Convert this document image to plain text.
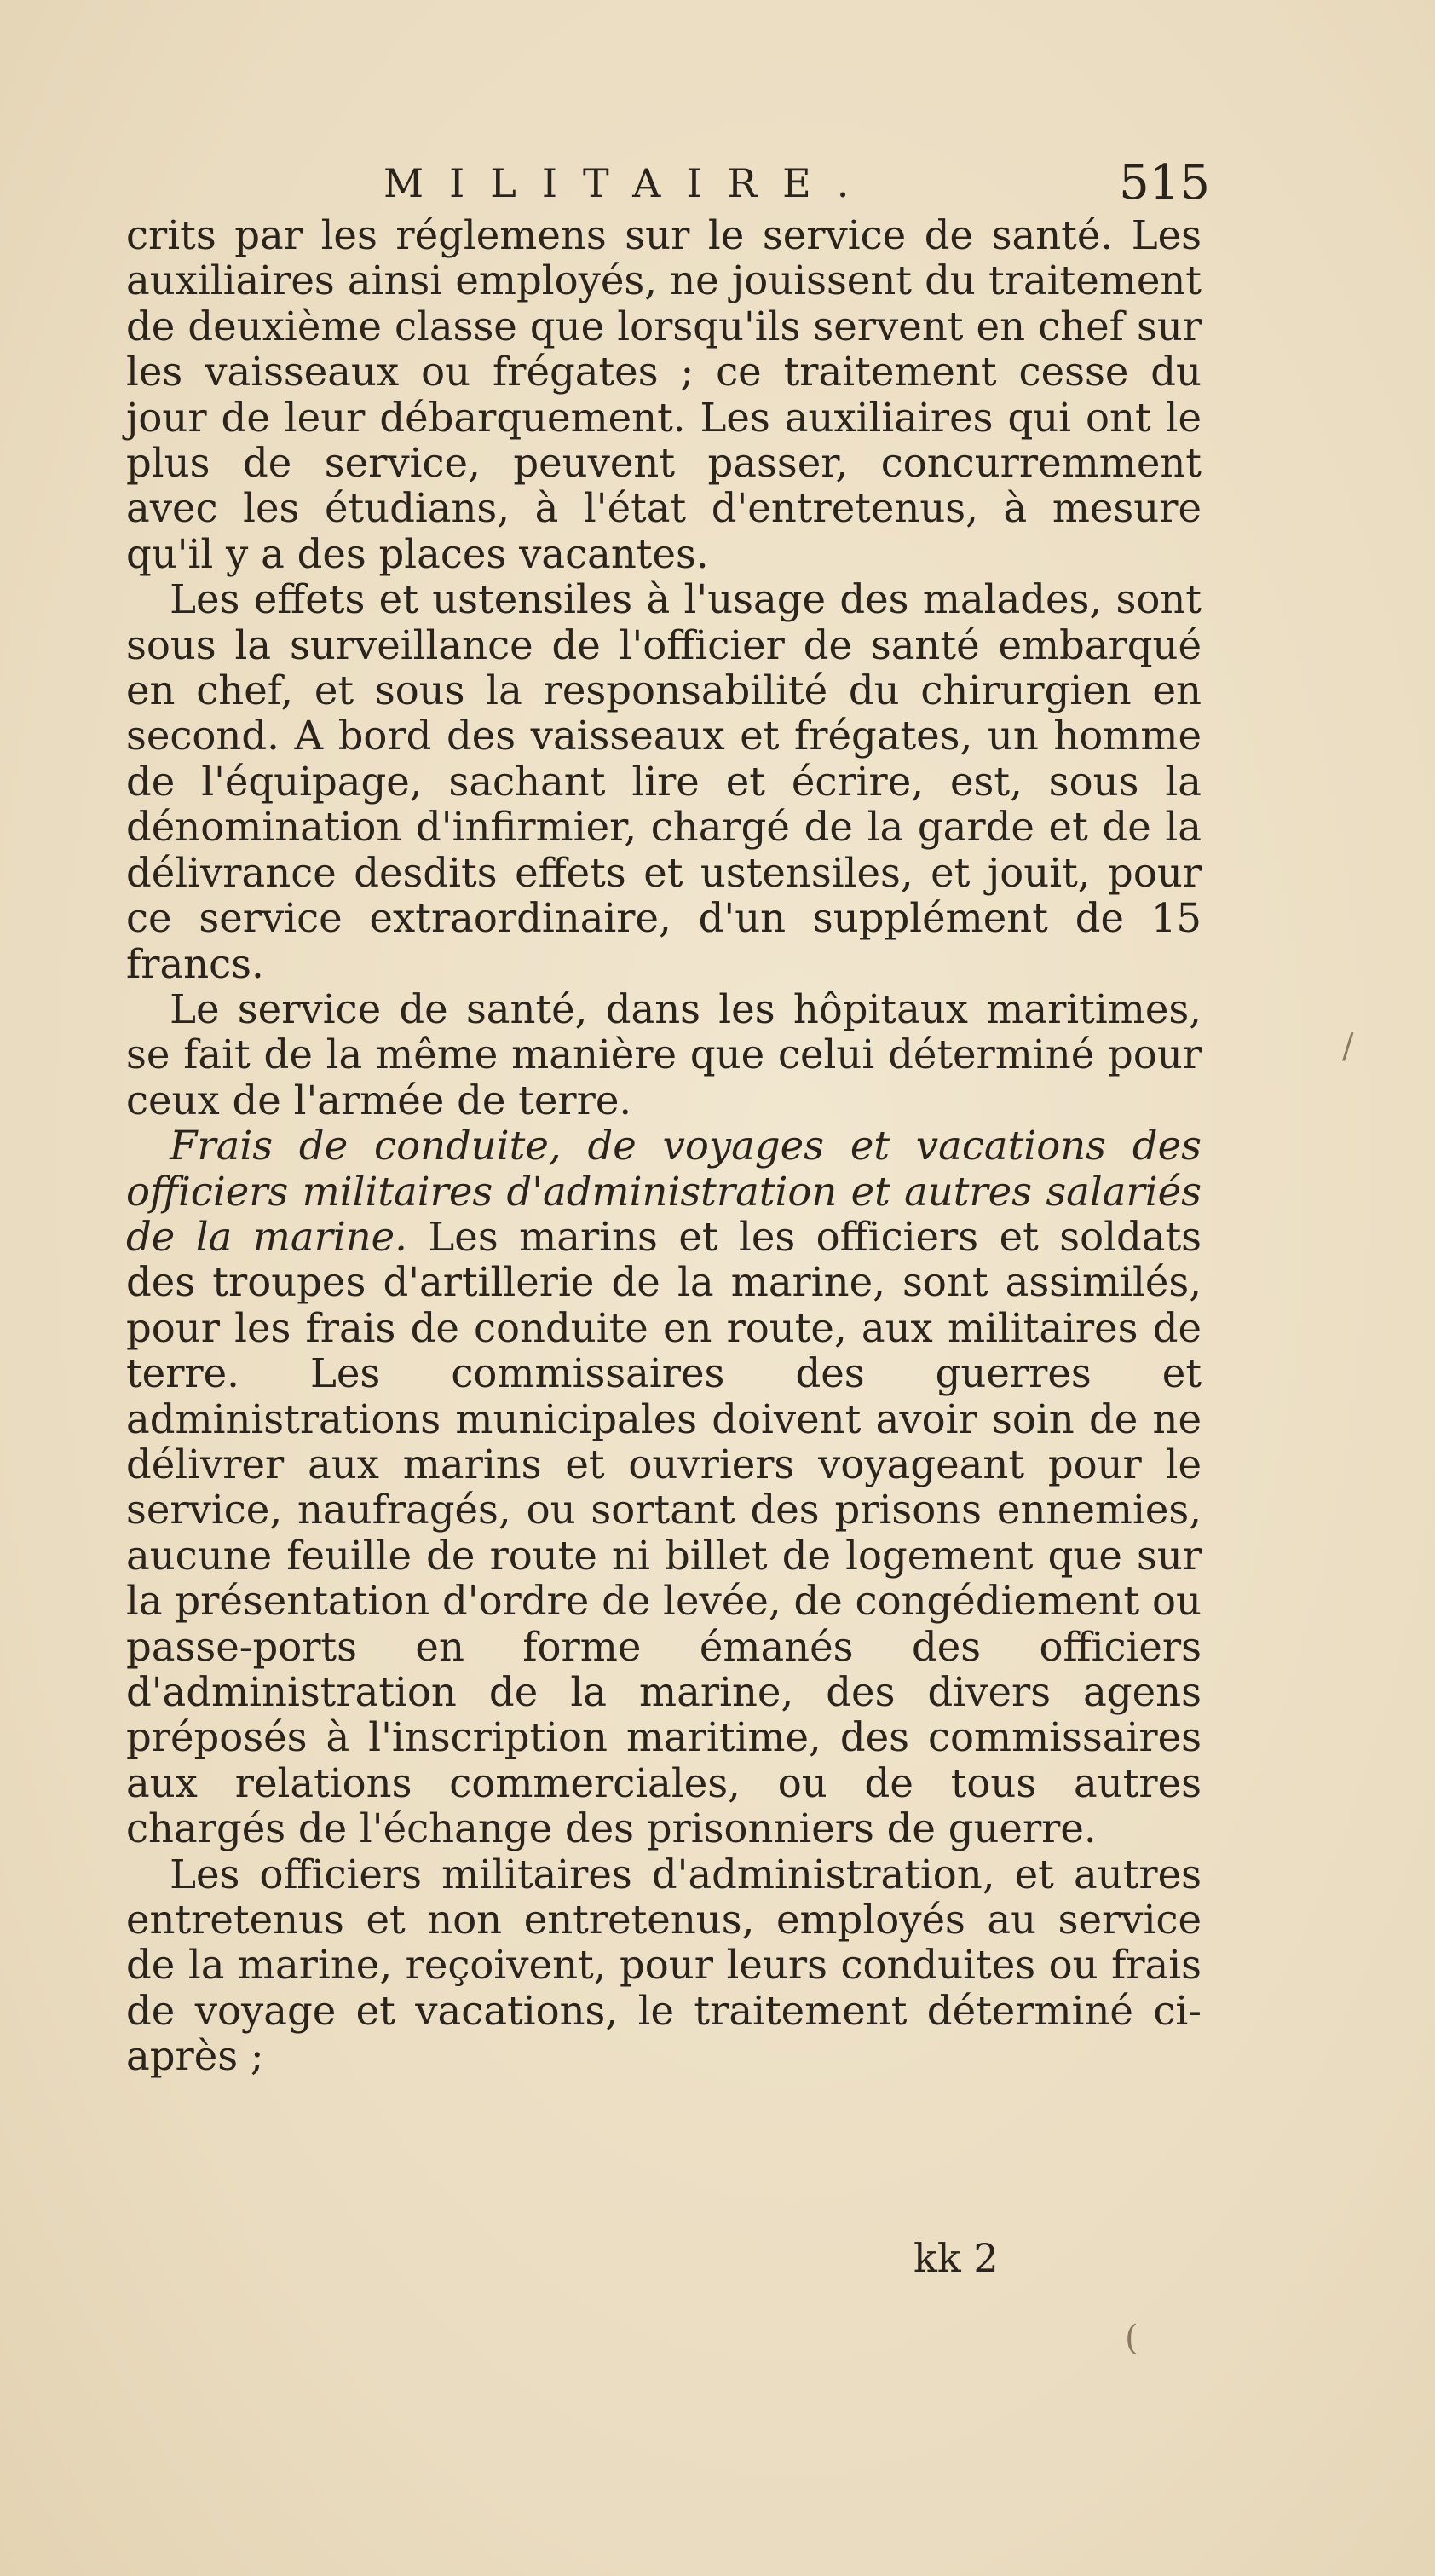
MILITAIRE.	515

crits par les réglemens sur le service de santé. Les auxiliaires ainsi employés, ne jouissent du traitement de deuxième classe que lorsqu'ils servent en chef sur les vaisseaux ou frégates ; ce traitement cesse du jour de leur débarquement. Les auxiliaires qui ont le plus de service, peuvent passer, concurremment avec les étudians, à l'état d'entretenus, à mesure qu'il y a des places vacantes.

Les effets et ustensiles à l'usage des malades, sont sous la surveillance de l'officier de santé embarqué en chef, et sous la responsabilité du chirurgien en second. A bord des vaisseaux et frégates, un homme de l'équipage, sachant lire et écrire, est, sous la dénomination d'infirmier, chargé de la garde et de la délivrance desdits effets et ustensiles, et jouit, pour ce service extraordinaire, d'un supplément de 15 francs.

Le service de santé, dans les hôpitaux maritimes, se fait de la même manière que celui déterminé pour ceux de l'armée de terre.

Frais de conduite, de voyages et vacations des officiers militaires d'administration et autres salariés de la marine. Les marins et les officiers et soldats des troupes d'artillerie de la marine, sont assimilés, pour les frais de conduite en route, aux militaires de terre. Les commissaires des guerres et administrations municipales doivent avoir soin de ne délivrer aux marins et ouvriers voyageant pour le service, naufragés, ou sortant des prisons ennemies, aucune feuille de route ni billet de logement que sur la présentation d'ordre de levée, de congédiement ou passe-ports en forme émanés des officiers d'administration de la marine, des divers agens préposés à l'inscription maritime, des commissaires aux relations commerciales, ou de tous autres chargés de l'échange des prisonniers de guerre.

Les officiers militaires d'administration, et autres entretenus et non entretenus, employés au service de la marine, reçoivent, pour leurs conduites ou frais de voyage et vacations, le traitement déterminé ci-après ;

kk 2
/
(
